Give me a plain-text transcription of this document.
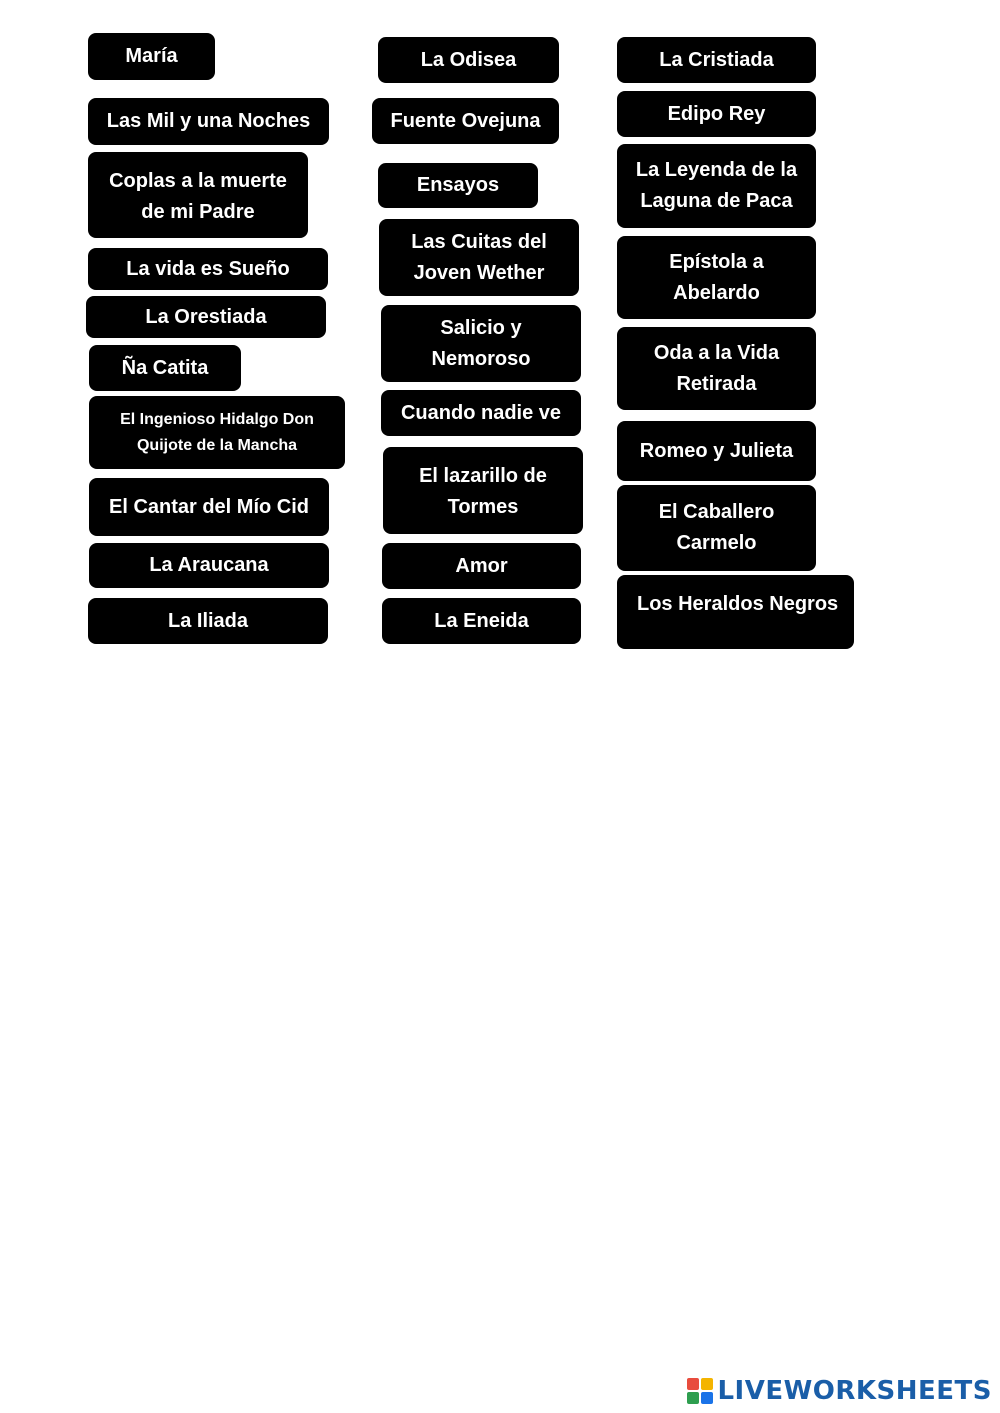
María
Las Mil y una Noches
Coplas a la muerte
de mi Padre
La vida es Sueño
La Orestiada
Ña Catita
El Ingenioso Hidalgo Don
Quijote de la Mancha
El Cantar del Mío Cid
La Araucana
La Iliada
La Odisea
Fuente Ovejuna
Ensayos
Las Cuitas del
Joven Wether
Salicio y
Nemoroso
Cuando nadie ve
El lazarillo de
Tormes
Amor
La Eneida
La Cristiada
Edipo Rey
La Leyenda de la
Laguna de Paca
Epístola a
Abelardo
Oda a la Vida
Retirada
Romeo y Julieta
El Caballero
Carmelo
Los Heraldos Negros
LIVEWORKSHEETS
